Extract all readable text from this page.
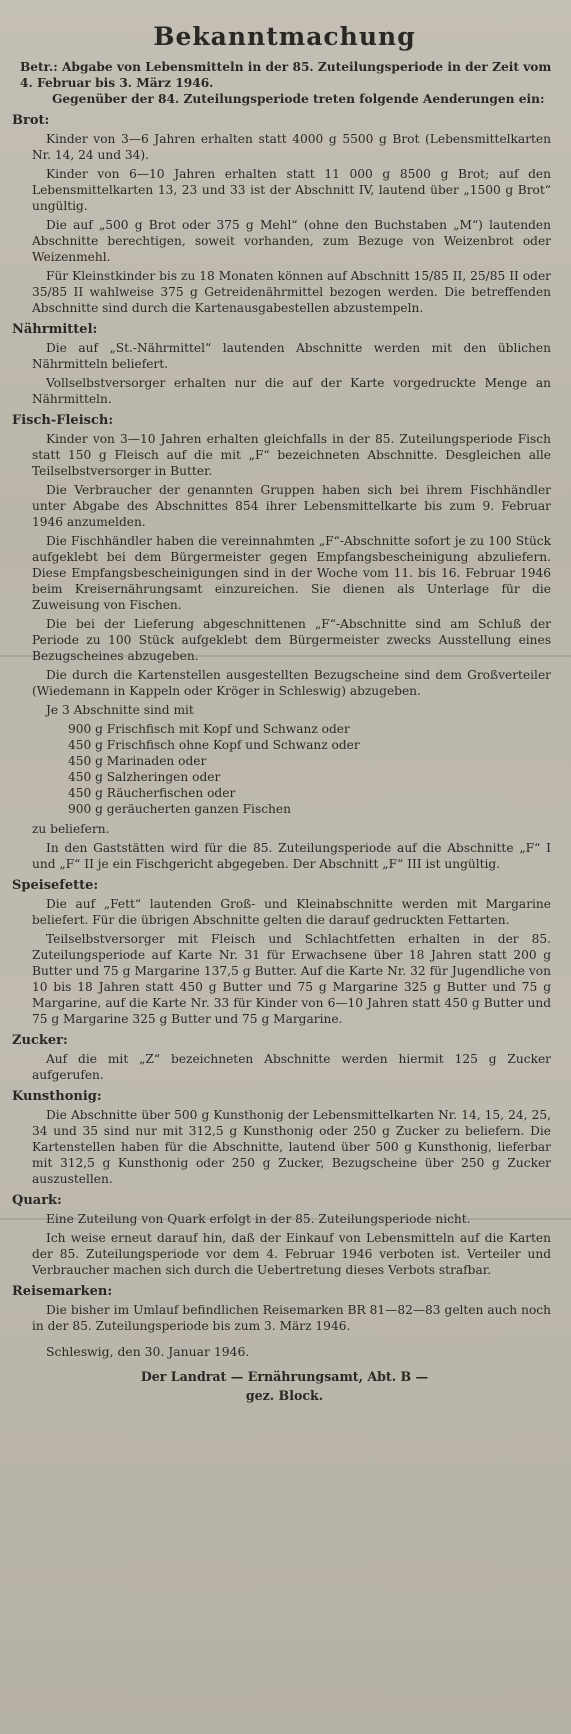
Bekanntmachung

Betr.: Abgabe von Lebensmitteln in der 85. Zuteilungsperiode in der Zeit vom 4. Februar bis 3. März 1946.

Gegenüber der 84. Zuteilungsperiode treten folgende Aenderungen ein:

Brot:

Kinder von 3—6 Jahren erhalten statt 4000 g 5500 g Brot (Lebensmittelkarten Nr. 14, 24 und 34).

Kinder von 6—10 Jahren erhalten statt 11 000 g 8500 g Brot; auf den Lebensmittelkarten 13, 23 und 33 ist der Abschnitt IV, lautend über „1500 g Brot“ ungültig.

Die auf „500 g Brot oder 375 g Mehl“ (ohne den Buchstaben „M“) lautenden Abschnitte berechtigen, soweit vorhanden, zum Bezuge von Weizenbrot oder Weizenmehl.

Für Kleinstkinder bis zu 18 Monaten können auf Abschnitt 15/85 II, 25/85 II oder 35/85 II wahlweise 375 g Getreidenährmittel bezogen werden. Die betreffenden Abschnitte sind durch die Kartenausgabestellen abzustempeln.

Nährmittel:

Die auf „St.-Nährmittel“ lautenden Abschnitte werden mit den üblichen Nährmitteln beliefert.

Vollselbstversorger erhalten nur die auf der Karte vorgedruckte Menge an Nährmitteln.

Fisch-Fleisch:

Kinder von 3—10 Jahren erhalten gleichfalls in der 85. Zuteilungsperiode Fisch statt 150 g Fleisch auf die mit „F“ bezeichneten Abschnitte. Desgleichen alle Teilselbstversorger in Butter.

Die Verbraucher der genannten Gruppen haben sich bei ihrem Fischhändler unter Abgabe des Abschnittes 854 ihrer Lebensmittelkarte bis zum 9. Februar 1946 anzumelden.

Die Fischhändler haben die vereinnahmten „F“-Abschnitte sofort je zu 100 Stück aufgeklebt bei dem Bürgermeister gegen Empfangsbescheinigung abzuliefern. Diese Empfangsbescheinigungen sind in der Woche vom 11. bis 16. Februar 1946 beim Kreisernährungsamt einzureichen. Sie dienen als Unterlage für die Zuweisung von Fischen.

Die bei der Lieferung abgeschnittenen „F“-Abschnitte sind am Schluß der Periode zu 100 Stück aufgeklebt dem Bürgermeister zwecks Ausstellung eines Bezugscheines abzugeben.

Die durch die Kartenstellen ausgestellten Bezugscheine sind dem Großverteiler (Wiedemann in Kappeln oder Kröger in Schleswig) abzugeben.

Je 3 Abschnitte sind mit

900 g Frischfisch mit Kopf und Schwanz oder
450 g Frischfisch ohne Kopf und Schwanz oder
450 g Marinaden oder
450 g Salzheringen oder
450 g Räucherfischen oder
900 g geräucherten ganzen Fischen

zu beliefern.

In den Gaststätten wird für die 85. Zuteilungsperiode auf die Abschnitte „F“ I und „F“ II je ein Fischgericht abgegeben. Der Abschnitt „F“ III ist ungültig.

Speisefette:

Die auf „Fett“ lautenden Groß- und Kleinabschnitte werden mit Margarine beliefert. Für die übrigen Abschnitte gelten die darauf gedruckten Fettarten.

Teilselbstversorger mit Fleisch und Schlachtfetten erhalten in der 85. Zuteilungsperiode auf Karte Nr. 31 für Erwachsene über 18 Jahren statt 200 g Butter und 75 g Margarine 137,5 g Butter. Auf die Karte Nr. 32 für Jugendliche von 10 bis 18 Jahren statt 450 g Butter und 75 g Margarine 325 g Butter und 75 g Margarine, auf die Karte Nr. 33 für Kinder von 6—10 Jahren statt 450 g Butter und 75 g Margarine 325 g Butter und 75 g Margarine.

Zucker:

Auf die mit „Z“ bezeichneten Abschnitte werden hiermit 125 g Zucker aufgerufen.

Kunsthonig:

Die Abschnitte über 500 g Kunsthonig der Lebensmittelkarten Nr. 14, 15, 24, 25, 34 und 35 sind nur mit 312,5 g Kunsthonig oder 250 g Zucker zu beliefern. Die Kartenstellen haben für die Abschnitte, lautend über 500 g Kunsthonig, lieferbar mit 312,5 g Kunsthonig oder 250 g Zucker, Bezugscheine über 250 g Zucker auszustellen.

Quark:

Eine Zuteilung von Quark erfolgt in der 85. Zuteilungsperiode nicht.

Ich weise erneut darauf hin, daß der Einkauf von Lebensmitteln auf die Karten der 85. Zuteilungsperiode vor dem 4. Februar 1946 verboten ist. Verteiler und Verbraucher machen sich durch die Uebertretung dieses Verbots strafbar.

Reisemarken:

Die bisher im Umlauf befindlichen Reisemarken BR 81—82—83 gelten auch noch in der 85. Zuteilungsperiode bis zum 3. März 1946.

Schleswig, den 30. Januar 1946.

Der Landrat — Ernährungsamt, Abt. B —

gez. Block.
